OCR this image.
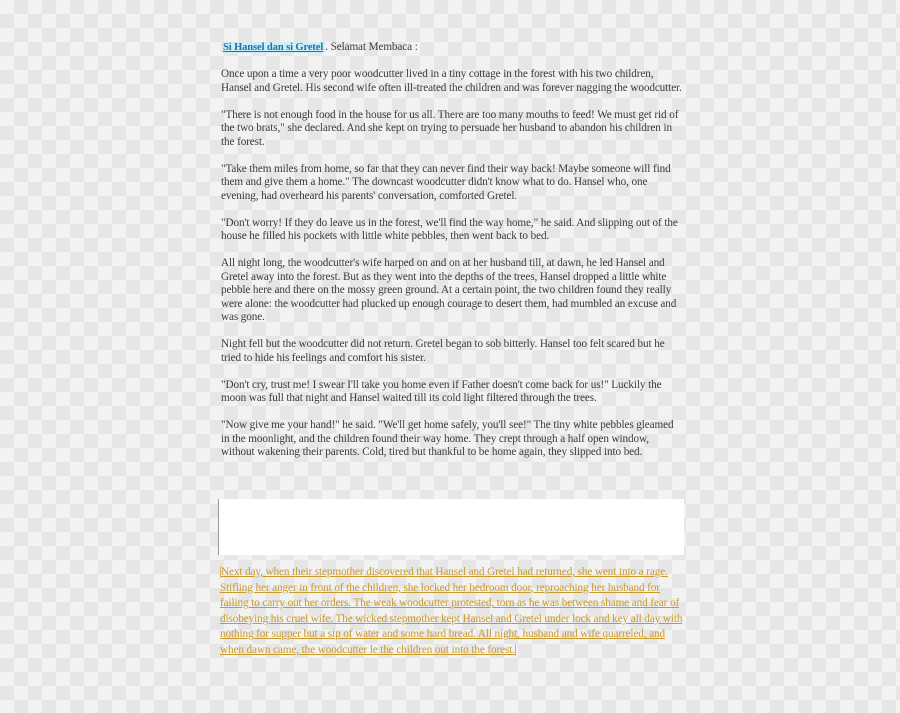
Si Hansel dan si Gretel . Selamat Membaca :

Once upon a time a very poor woodcutter lived in a tiny cottage in the forest with his two children, Hansel and Gretel. His second wife often ill-treated the children and was forever nagging the woodcutter.

"There is not enough food in the house for us all. There are too many mouths to feed! We must get rid of the two brats," she declared. And she kept on trying to persuade her husband to abandon his children in the forest.

"Take them miles from home, so far that they can never find their way back! Maybe someone will find them and give them a home." The downcast woodcutter didn't know what to do. Hansel who, one evening, had overheard his parents' conversation, comforted Gretel.

"Don't worry! If they do leave us in the forest, we'll find the way home," he said. And slipping out of the house he filled his pockets with little white pebbles, then went back to bed.

All night long, the woodcutter's wife harped on and on at her husband till, at dawn, he led Hansel and Gretel away into the forest. But as they went into the depths of the trees, Hansel dropped a little white pebble here and there on the mossy green ground. At a certain point, the two children found they really were alone: the woodcutter had plucked up enough courage to desert them, had mumbled an excuse and was gone.

Night fell but the woodcutter did not return. Gretel began to sob bitterly. Hansel too felt scared but he tried to hide his feelings and comfort his sister.

"Don't cry, trust me! I swear I'll take you home even if Father doesn't come back for us!" Luckily the moon was full that night and Hansel waited till its cold light filtered through the trees.

"Now give me your hand!" he said. "We'll get home safely, you'll see!" The tiny white pebbles gleamed in the moonlight, and the children found their way home. They crept through a half open window, without wakening their parents. Cold, tired but thankful to be home again, they slipped into bed.

Next day, when their stepmother discovered that Hansel and Gretel had returned, she went into a rage. Stifling her anger in front of the children, she locked her bedroom door, reproaching her husband for failing to carry out her orders. The weak woodcutter protested, torn as he was between shame and fear of disobeying his cruel wife. The wicked stepmother kept Hansel and Gretel under lock and key all day with nothing for supper but a sip of water and some hard bread. All night, husband and wife quarreled, and when dawn came, the woodcutter le the children out into the forest.
